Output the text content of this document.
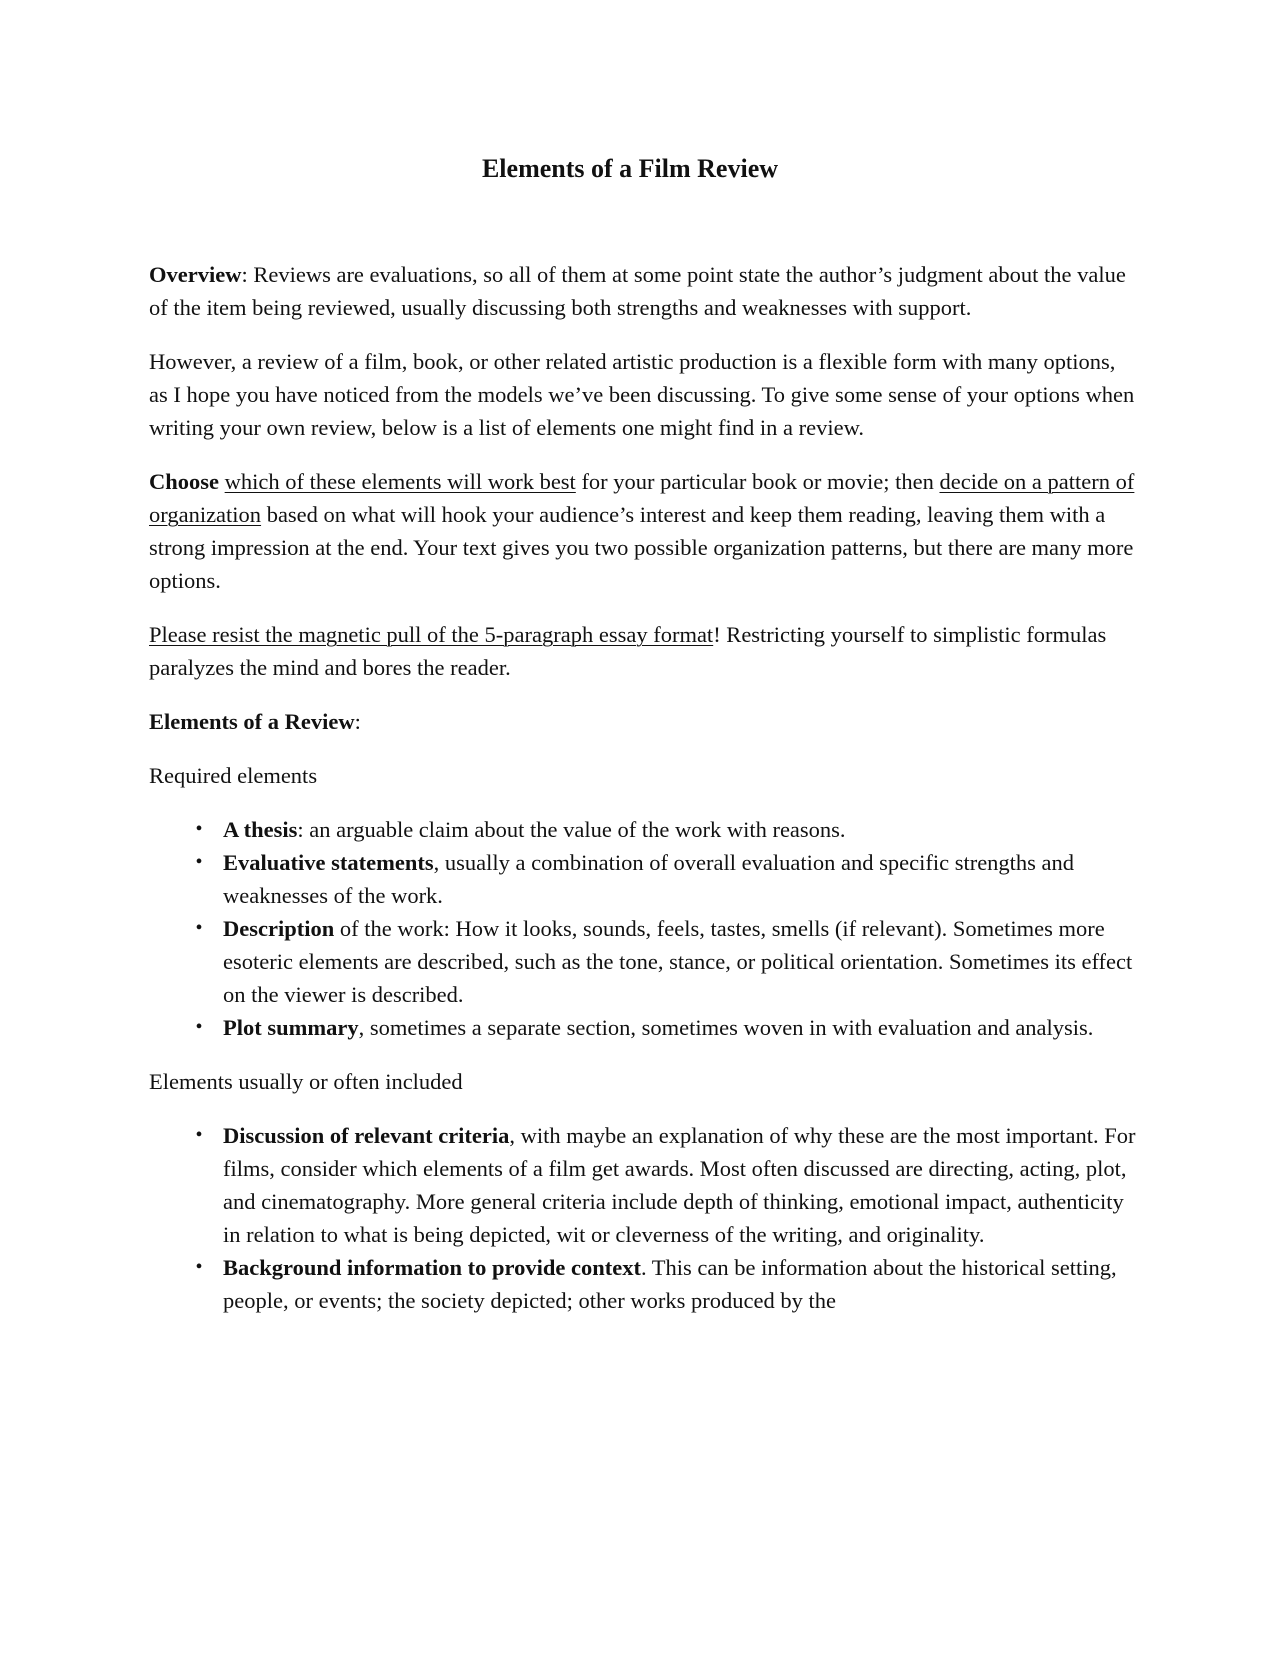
Elements of a Film Review

Overview: Reviews are evaluations, so all of them at some point state the author’s judgment about the value of the item being reviewed, usually discussing both strengths and weaknesses with support.

However, a review of a film, book, or other related artistic production is a flexible form with many options, as I hope you have noticed from the models we’ve been discussing. To give some sense of your options when writing your own review, below is a list of elements one might find in a review.

Choose which of these elements will work best for your particular book or movie; then decide on a pattern of organization based on what will hook your audience’s interest and keep them reading, leaving them with a strong impression at the end. Your text gives you two possible organization patterns, but there are many more options.

Please resist the magnetic pull of the 5-paragraph essay format! Restricting yourself to simplistic formulas paralyzes the mind and bores the reader.

Elements of a Review:

Required elements

• A thesis: an arguable claim about the value of the work with reasons.
• Evaluative statements, usually a combination of overall evaluation and specific strengths and weaknesses of the work.
• Description of the work: How it looks, sounds, feels, tastes, smells (if relevant). Sometimes more esoteric elements are described, such as the tone, stance, or political orientation. Sometimes its effect on the viewer is described.
• Plot summary, sometimes a separate section, sometimes woven in with evaluation and analysis.

Elements usually or often included

• Discussion of relevant criteria, with maybe an explanation of why these are the most important. For films, consider which elements of a film get awards. Most often discussed are directing, acting, plot, and cinematography. More general criteria include depth of thinking, emotional impact, authenticity in relation to what is being depicted, wit or cleverness of the writing, and originality.
• Background information to provide context. This can be information about the historical setting, people, or events; the society depicted; other works produced by the
